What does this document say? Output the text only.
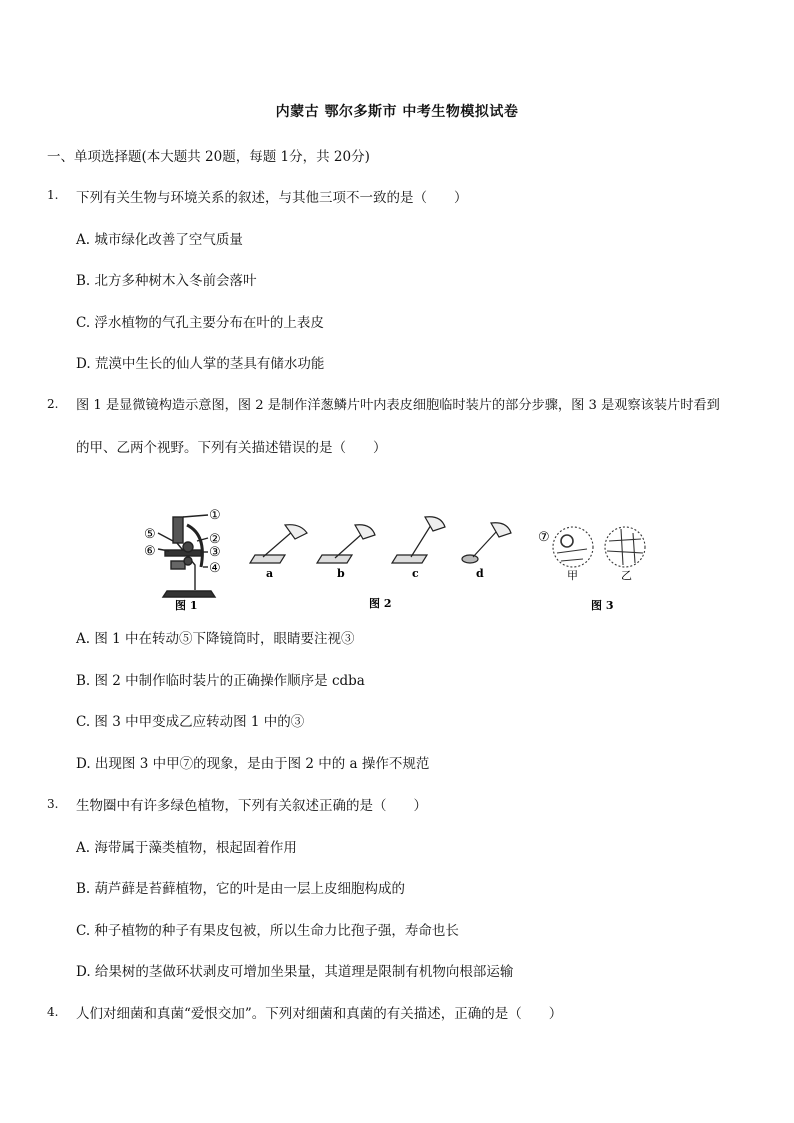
内蒙古 鄂尔多斯市 中考生物模拟试卷
一、单项选择题(本大题共 20题，每题 1分，共 20分)
1. 下列有关生物与环境关系的叙述，与其他三项不一致的是（　　）
A. 城市绿化改善了空气质量
B. 北方多种树木入冬前会落叶
C. 浮水植物的气孔主要分布在叶的上表皮
D. 荒漠中生长的仙人掌的茎具有储水功能
2. 图 1 是显微镜构造示意图，图 2 是制作洋葱鳞片叶内表皮细胞临时装片的部分步骤，图 3 是观察该装片时看到
的甲、乙两个视野。下列有关描述错误的是（　　）
①
②
③
④
⑤
⑥
图 1
a	b	c	d
图 2
⑦
甲	乙
图 3
A. 图 1 中在转动⑤下降镜筒时，眼睛要注视③
B. 图 2 中制作临时装片的正确操作顺序是 cdba
C. 图 3 中甲变成乙应转动图 1 中的③
D. 出现图 3 中甲⑦的现象，是由于图 2 中的 a 操作不规范
3. 生物圈中有许多绿色植物，下列有关叙述正确的是（　　）
A. 海带属于藻类植物，根起固着作用
B. 葫芦藓是苔藓植物，它的叶是由一层上皮细胞构成的
C. 种子植物的种子有果皮包被，所以生命力比孢子强，寿命也长
D. 给果树的茎做环状剥皮可增加坐果量，其道理是限制有机物向根部运输
4. 人们对细菌和真菌“爱恨交加”。下列对细菌和真菌的有关描述，正确的是（　　）
